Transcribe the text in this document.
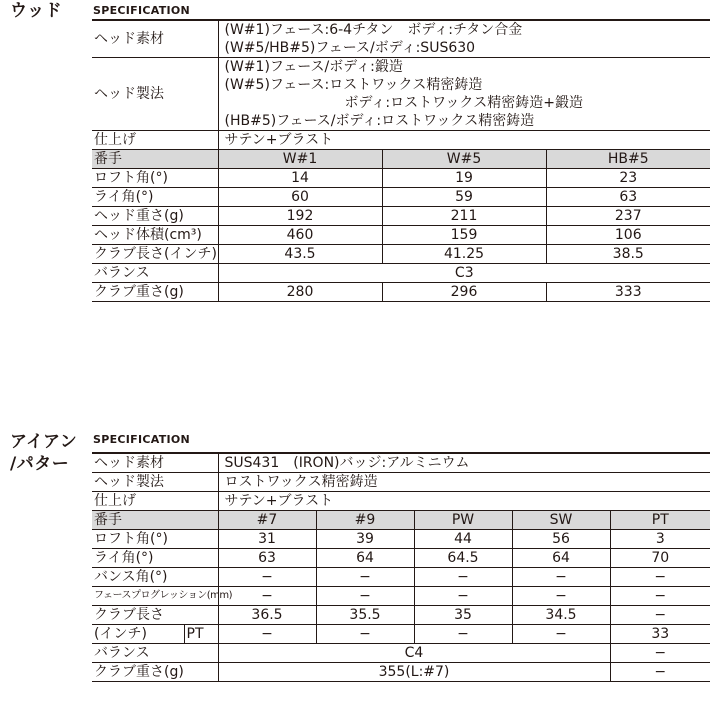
ウッド	SPECIFICATION
ヘッド素材	(W#1)フェース:6-4チタン　ボディ:チタン合金
(W#5/HB#5)フェース/ボディ:SUS630		

ヘッド製法	(W#1)フェース/ボディ:鍛造
(W#5)フェース:ロストワックス精密鋳造
ボディ:ロストワックス精密鋳造+鍛造
(HB#5)フェース/ボディ:ロストワックス精密鋳造		

仕上げ	サテン+ブラスト		
番手	W#1	W#5	HB#5
ロフト角(°)	14	19	23
ライ角(°)	60	59	63
ヘッド重さ(g)	192	211	237
ヘッド体積(cm³)	460	159	106
クラブ長さ(インチ)	43.5	41.25	38.5
バランス	C3		
クラブ重さ(g)	280	296	333
アイアン
/パター
SPECIFICATION
ヘッド素材		SUS431　(IRON)バッジ:アルミニウム				
ヘッド製法		ロストワックス精密鋳造				
仕上げ		サテン+ブラスト				
番手		#7	#9	PW	SW	PT
ロフト角(°)		31	39	44	56	3
ライ角(°)		63	64	64.5	64	70
バンス角(°)		−	−	−	−	−
フェースプログレッション(mm)		−	−	−	−	−
クラブ長さ		36.5	35.5	35	34.5	−
(インチ)	PT	−	−	−	−	33
バランス		C4				−
クラブ重さ(g)		355(L:#7)				−
